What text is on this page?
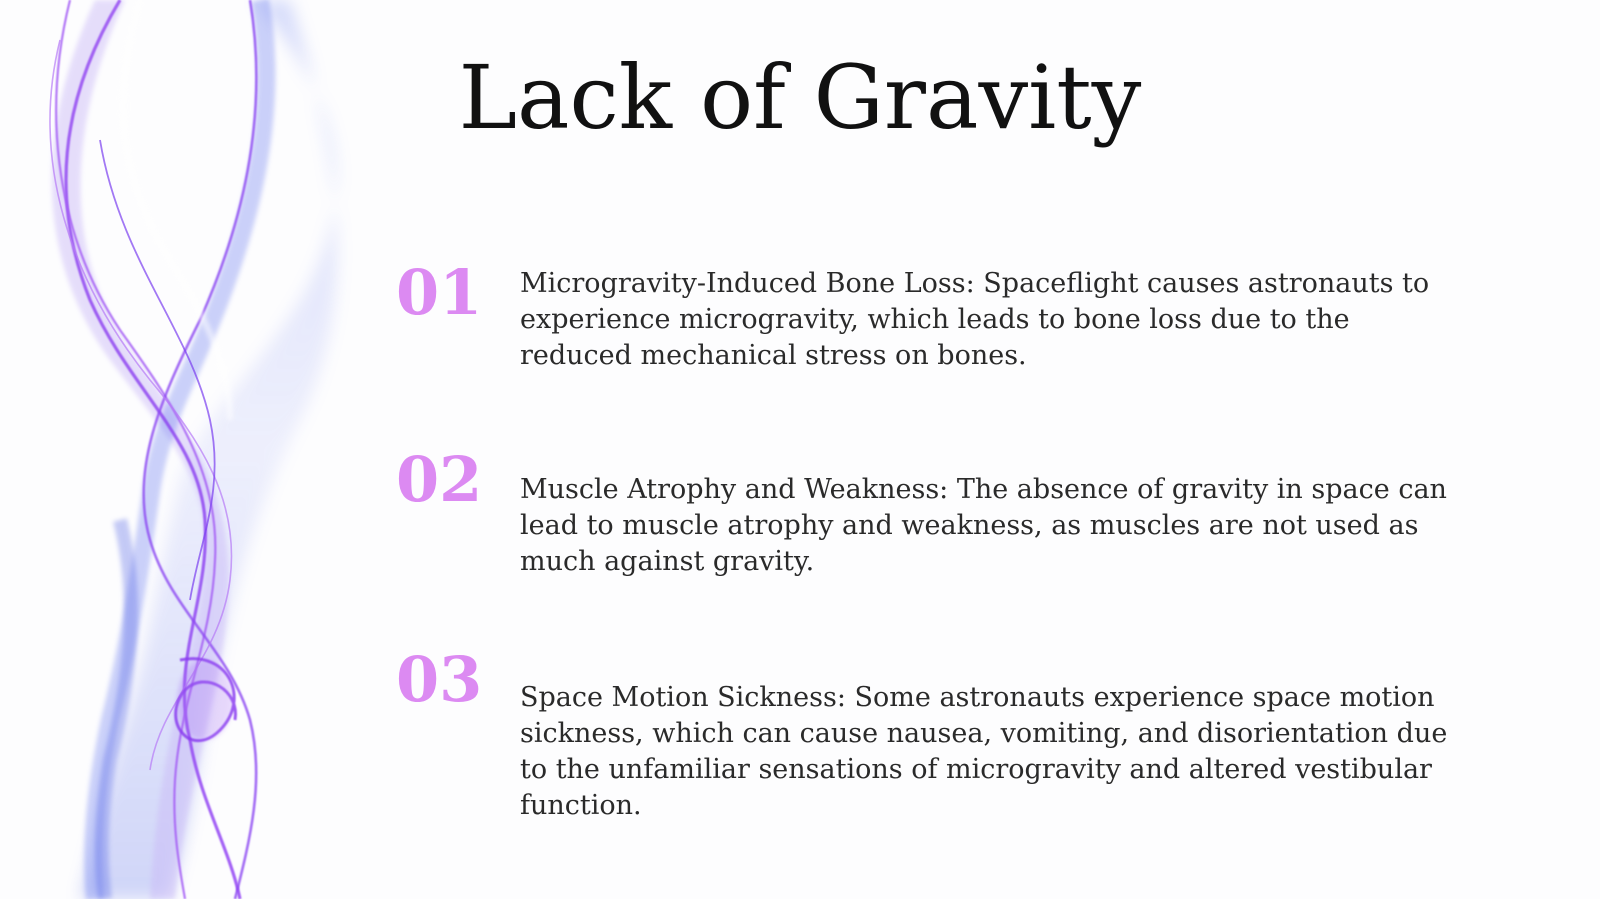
Lack of Gravity
01	Microgravity-Induced Bone Loss: Spaceflight causes astronauts to experience microgravity, which leads to bone loss due to the reduced mechanical stress on bones.
02	Muscle Atrophy and Weakness: The absence of gravity in space can lead to muscle atrophy and weakness, as muscles are not used as much against gravity.
03	Space Motion Sickness: Some astronauts experience space motion sickness, which can cause nausea, vomiting, and disorientation due to the unfamiliar sensations of microgravity and altered vestibular function.
